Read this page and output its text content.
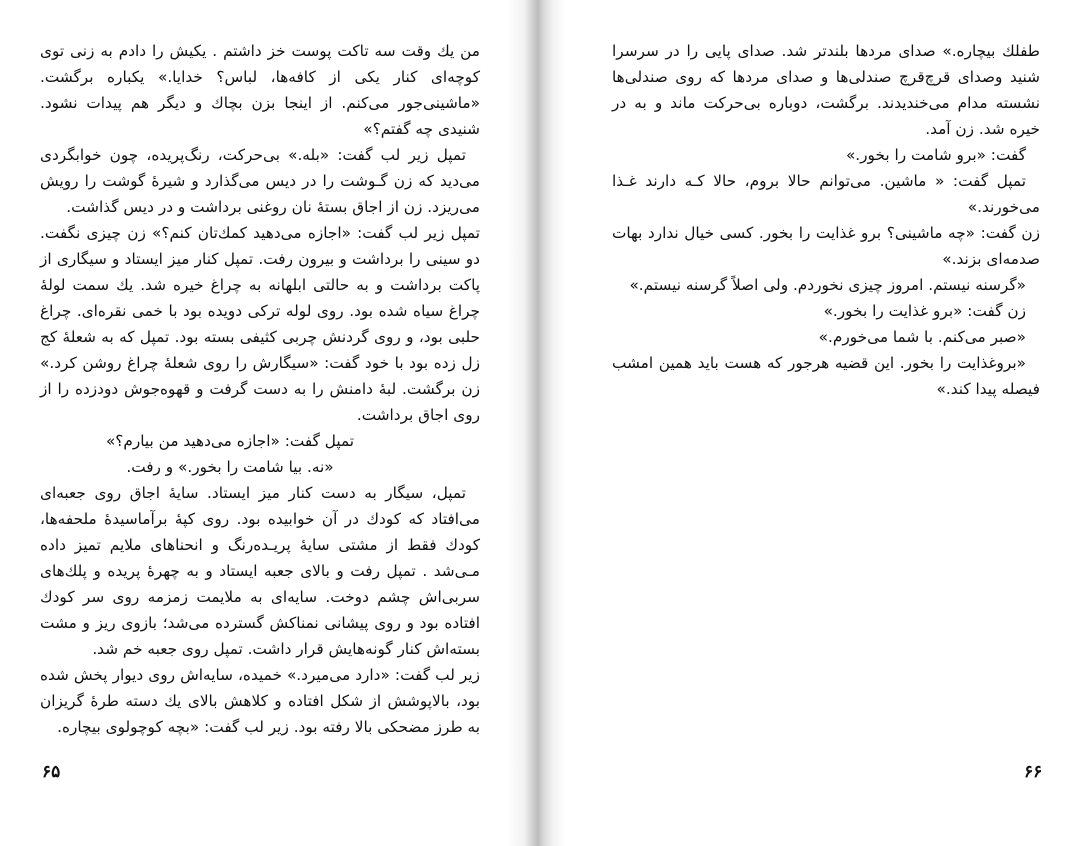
من يك وقت سه تاكت پوست خز داشتم . يكيش را دادم به زنى توى كوچه‌اى كنار يكى از كافه‌ها، لباس؟ خدايا.» يكباره برگشت. «ماشينى‌جور مى‌كنم. از اينجا بزن بچاك و ديگر هم پيدات نشود. شنيدى چه گفتم؟»

تمپل زير لب گفت: «بله.» بى‌حركت، رنگ‌پريده، چون خوابگردى مى‌ديد كه زن گـوشت را در ديس مى‌گذارد و شيرهٔ گوشت را رويش مى‌ريزد. زن از اجاق بستهٔ نان روغنى برداشت و در ديس گذاشت.

تمپل زير لب گفت: «اجازه مى‌دهيد كمك‌تان كنم؟» زن چيزى نگفت. دو سينى را برداشت و بيرون رفت. تمپل كنار ميز ايستاد و سيگارى از پاكت برداشت و به حالتى ابلهانه به چراغ خيره شد. يك سمت لولهٔ چراغ سياه شده بود. روى لوله ترکى دويده بود با خمى نقره‌اى. چراغ حلبى بود، و روى گردنش چربى كثيفى بسته بود. تمپل كه به شعلهٔ كج زل زده بود با خود گفت: «سيگارش را روى شعلهٔ چراغ روشن كرد.» زن برگشت. لبهٔ دامنش را به دست گرفت و قهوه‌جوش دودزده را از روى اجاق برداشت.

تمپل گفت: «اجازه مى‌دهيد من بيارم؟»

«نه. بيا شامت را بخور.» و رفت.

تمپل، سيگار به دست كنار ميز ايستاد. سايهٔ اجاق روى جعبه‌اى مى‌افتاد كه كودك در آن خوابيده بود. روى كپهٔ برآماسيدهٔ ملحفه‌ها، كودك فقط از مشتى سايهٔ پريـده‌رنگ و انحناهاى ملايم تميز داده مـى‌شد . تمپل رفت و بالاى جعبه ايستاد و به چهرهٔ پريده و پلك‌هاى سربى‌اش چشم دوخت. سايه‌اى به ملايمت زمزمه روى سر كودك افتاده بود و روى پيشانى نمناكش گسترده مى‌شد؛ بازوى ريز و مشت بسته‌اش كنار گونه‌هايش قرار داشت. تمپل روى جعبه خم شد.

زير لب گفت: «دارد مى‌ميرد.» خميده، سايه‌اش روى ديوار پخش شده بود، بالاپوشش از شكل افتاده و كلاهش بالاى يك دسته طرهٔ گريزان به طرز مضحكى بالا رفته بود. زير لب گفت: «بچه كوچولوى بيچاره.

۶۵

طفلك بيچاره.» صداى مردها بلندتر شد. صداى پايى را در سرسرا شنيد وصداى قرچ‌قرچ صندلى‌ها و صداى مردها كه روى صندلى‌ها نشسته مدام مى‌خنديدند. برگشت، دوباره بى‌حركت ماند و به در خيره شد. زن آمد.

گفت: «برو شامت را بخور.»

تمپل گفت: « ماشين. مى‌توانم حالا بروم، حالا كـه دارند غـذا مى‌خورند.»

زن گفت: «چه ماشينى؟ برو غذايت را بخور. كسى خيال ندارد بهات صدمه‌اى بزند.»

«گرسنه نيستم. امروز چيزى نخوردم. ولى اصلاً گرسنه نيستم.»

زن گفت: «برو غذايت را بخور.»

«صبر مى‌كنم. با شما مى‌خورم.»

«بروغذايت را بخور. اين قضيه هرجور كه هست بايد همين امشب فيصله پيدا كند.»

۶۶
